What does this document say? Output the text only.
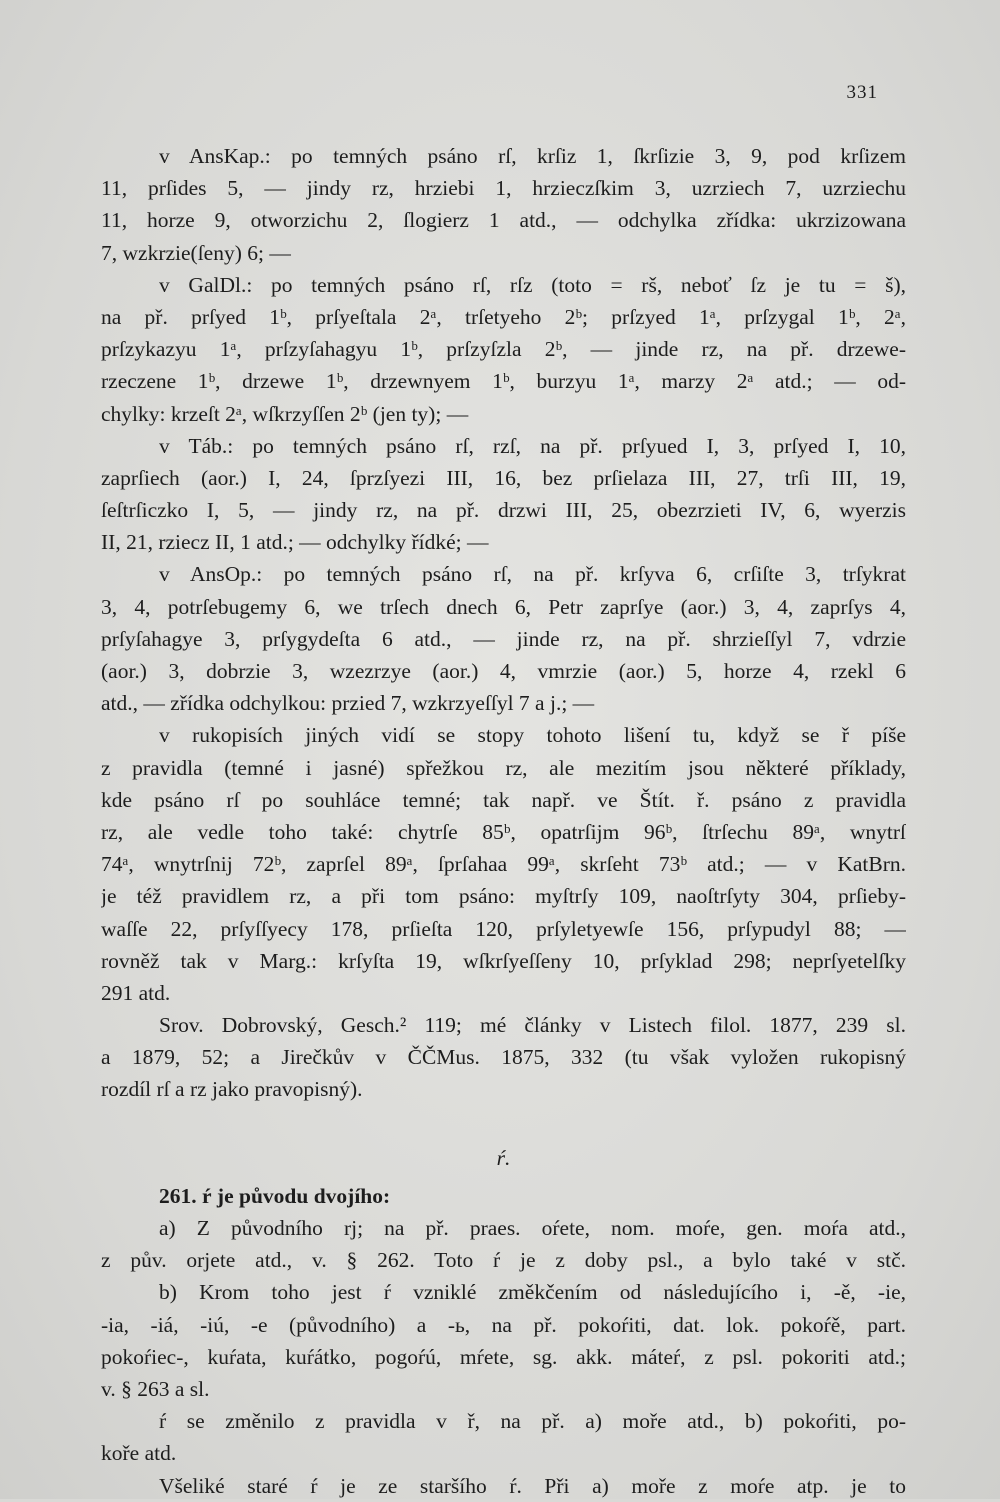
331
v AnsKap.: po temných psáno rſ, krſiz 1, ſkrſizie 3, 9, pod krſizem
11, prſides 5, — jindy rz, hrziebi 1, hrzieczſkim 3, uzrziech 7, uzrziechu
11, horze 9, otworzichu 2, ſlogierz 1 atd., — odchylka zřídka: ukrzizowana
7, wzkrzie(ſeny) 6; —
v GalDl.: po temných psáno rſ, rſz (toto = rš, neboť ſz je tu = š),
na př. prſyed 1ᵇ, prſyeſtala 2ᵃ, trſetyeho 2ᵇ; prſzyed 1ᵃ, prſzygal 1ᵇ, 2ᵃ,
prſzykazyu 1ᵃ, prſzyſahagyu 1ᵇ, prſzyſzla 2ᵇ, — jinde rz, na př. drzewe-
rzeczene 1ᵇ, drzewe 1ᵇ, drzewnyem 1ᵇ, burzyu 1ᵃ, marzy 2ᵃ atd.; — od-
chylky: krzeſt 2ᵃ, wſkrzyſſen 2ᵇ (jen ty); —
v Táb.: po temných psáno rſ, rzſ, na př. prſyued I, 3, prſyed I, 10,
zaprſiech (aor.) I, 24, ſprzſyezi III, 16, bez prſielaza III, 27, trſi III, 19,
ſeſtrſiczko I, 5, — jindy rz, na př. drzwi III, 25, obezrzieti IV, 6, wyerzis
II, 21, rziecz II, 1 atd.; — odchylky řídké; —
v AnsOp.: po temných psáno rſ, na př. krſyva 6, crſiſte 3, trſykrat
3, 4, potrſebugemy 6, we trſech dnech 6, Petr zaprſye (aor.) 3, 4, zaprſys 4,
prſyſahagye 3, prſygydeſta 6 atd., — jinde rz, na př. shrzieſſyl 7, vdrzie
(aor.) 3, dobrzie 3, wzezrzye (aor.) 4, vmrzie (aor.) 5, horze 4, rzekl 6
atd., — zřídka odchylkou: przied 7, wzkrzyeſſyl 7 a j.; —
v rukopisích jiných vidí se stopy tohoto lišení tu, když se ř píše
z pravidla (temné i jasné) spřežkou rz, ale mezitím jsou některé příklady,
kde psáno rſ po souhláce temné; tak např. ve Štít. ř. psáno z pravidla
rz, ale vedle toho také: chytrſe 85ᵇ, opatrſijm 96ᵇ, ſtrſechu 89ᵃ, wnytrſ
74ᵃ, wnytrſnij 72ᵇ, zaprſel 89ᵃ, ſprſahaa 99ᵃ, skrſeht 73ᵇ atd.; — v KatBrn.
je též pravidlem rz, a při tom psáno: myſtrſy 109, naoſtrſyty 304, prſieby-
waſſe 22, prſyſſyecy 178, prſieſta 120, prſyletyewſe 156, prſypudyl 88; —
rovněž tak v Marg.: krſyſta 19, wſkrſyeſſeny 10, prſyklad 298; neprſyetelſky
291 atd.
Srov. Dobrovský, Gesch.² 119; mé články v Listech filol. 1877, 239 sl.
a 1879, 52; a Jirečkův v ČČMus. 1875, 332 (tu však vyložen rukopisný
rozdíl rſ a rz jako pravopisný).
ŕ.
261. ŕ je původu dvojího:
a) Z původního rj; na př. praes. oŕete, nom. moŕe, gen. moŕa atd.,
z pův. orjete atd., v. § 262. Toto ŕ je z doby psl., a bylo také v stč.
b) Krom toho jest ŕ vzniklé změkčením od následujícího i, -ě, -ie,
-ia, -iá, -iú, -e (původního) a -ь, na př. pokoŕiti, dat. lok. pokoŕě, part.
pokoŕiec-, kuŕata, kuŕátko, pogoŕú, mŕete, sg. akk. máteŕ, z psl. pokoriti atd.;
v. § 263 a sl.
ŕ se změnilo z pravidla v ř, na př. a) moře atd., b) pokoŕiti, po-
koře atd.
Všeliké staré ŕ je ze staršího ŕ. Při a) moře z moŕe atp. je to
